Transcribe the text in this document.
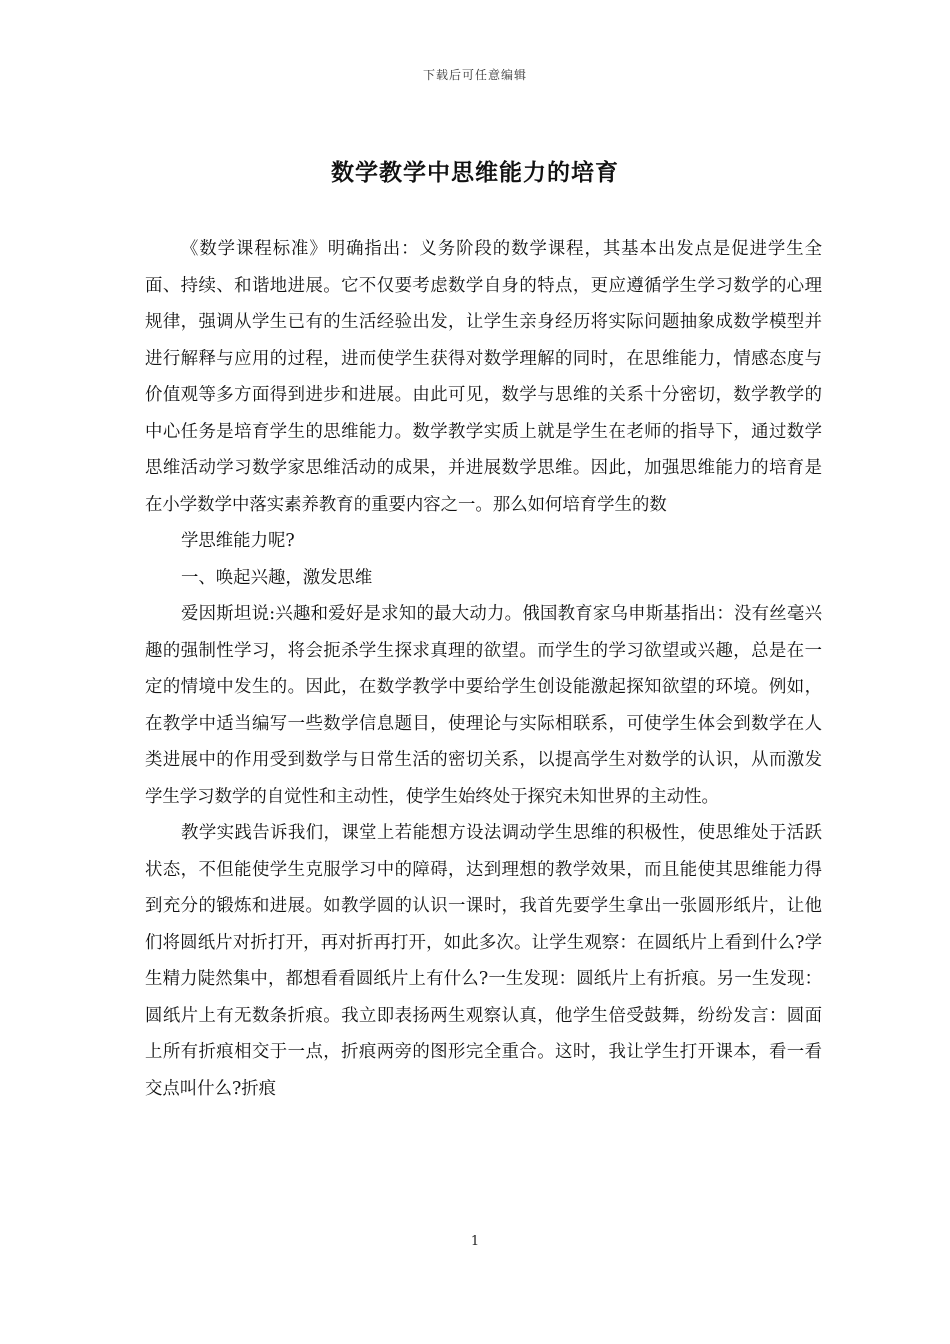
下载后可任意编辑
数学教学中思维能力的培育

《数学课程标准》明确指出：义务阶段的数学课程，其基本出发点是促进学生全面、持续、和谐地进展。它不仅要考虑数学自身的特点，更应遵循学生学习数学的心理规律，强调从学生已有的生活经验出发，让学生亲身经历将实际问题抽象成数学模型并进行解释与应用的过程，进而使学生获得对数学理解的同时，在思维能力，情感态度与价值观等多方面得到进步和进展。由此可见，数学与思维的关系十分密切，数学教学的中心任务是培育学生的思维能力。数学教学实质上就是学生在老师的指导下，通过数学思维活动学习数学家思维活动的成果，并进展数学思维。因此，加强思维能力的培育是在小学数学中落实素养教育的重要内容之一。那么如何培育学生的数

学思维能力呢?

一、唤起兴趣，激发思维

爱因斯坦说:兴趣和爱好是求知的最大动力。俄国教育家乌申斯基指出：没有丝毫兴趣的强制性学习，将会扼杀学生探求真理的欲望。而学生的学习欲望或兴趣，总是在一定的情境中发生的。因此，在数学教学中要给学生创设能激起探知欲望的环境。例如，在教学中适当编写一些数学信息题目，使理论与实际相联系，可使学生体会到数学在人类进展中的作用受到数学与日常生活的密切关系，以提高学生对数学的认识，从而激发学生学习数学的自觉性和主动性，使学生始终处于探究未知世界的主动性。

教学实践告诉我们，课堂上若能想方设法调动学生思维的积极性，使思维处于活跃状态，不但能使学生克服学习中的障碍，达到理想的教学效果，而且能使其思维能力得到充分的锻炼和进展。如教学圆的认识一课时，我首先要学生拿出一张圆形纸片，让他们将圆纸片对折打开，再对折再打开，如此多次。让学生观察：在圆纸片上看到什么?学生精力陡然集中，都想看看圆纸片上有什么?一生发现：圆纸片上有折痕。另一生发现：圆纸片上有无数条折痕。我立即表扬两生观察认真，他学生倍受鼓舞，纷纷发言：圆面上所有折痕相交于一点，折痕两旁的图形完全重合。这时，我让学生打开课本，看一看交点叫什么?折痕

1
